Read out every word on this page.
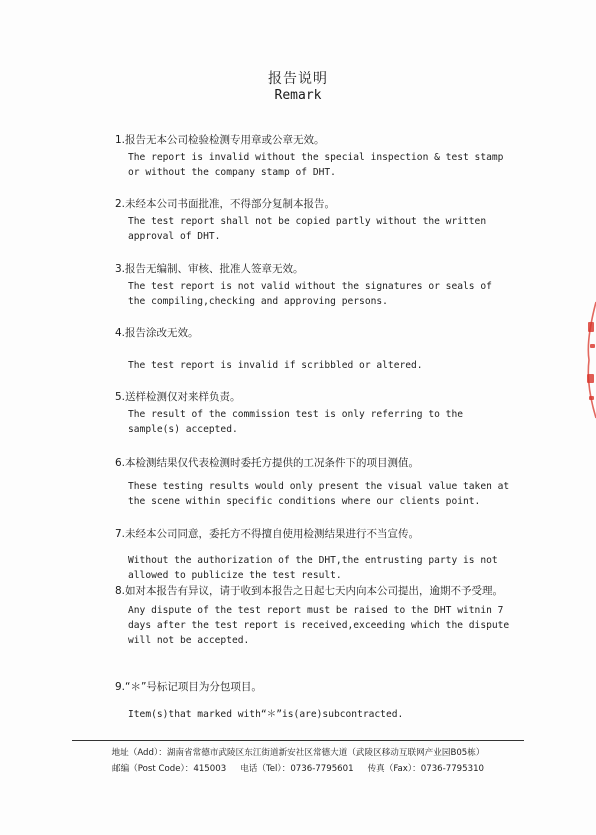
报告说明
Remark
1.报告无本公司检验检测专用章或公章无效。
The report is invalid without the special inspection & test stamp
or without the company stamp of DHT.
2.未经本公司书面批准，不得部分复制本报告。
The test report shall not be copied partly without the written
approval of DHT.
3.报告无编制、审核、批准人签章无效。
The test report is not valid without the signatures or seals of
the compiling,checking and approving persons.
4.报告涂改无效。
The test report is invalid if scribbled or altered.
5.送样检测仅对来样负责。
The result of the commission test is only referring to the
sample(s) accepted.
6.本检测结果仅代表检测时委托方提供的工况条件下的项目测值。
These testing results would only present the visual value taken at
the scene within specific conditions where our clients point.
7.未经本公司同意，委托方不得擅自使用检测结果进行不当宣传。
Without the authorization of the DHT,the entrusting party is not
allowed to publicize the test result.
8.如对本报告有异议，请于收到本报告之日起七天内向本公司提出，逾期不予受理。
Any dispute of the test report must be raised to the DHT witnin 7
days after the test report is received,exceeding which the dispute
will not be accepted.
9.“＊”号标记项目为分包项目。
Item(s)that marked with“＊”is(are)subcontracted.
地址（Add）：湖南省常德市武陵区东江街道新安社区常德大道（武陵区移动互联网产业园B05栋）
邮编（Post Code）：415003 电话（Tel）：0736-7795601 传真（Fax）：0736-7795310
